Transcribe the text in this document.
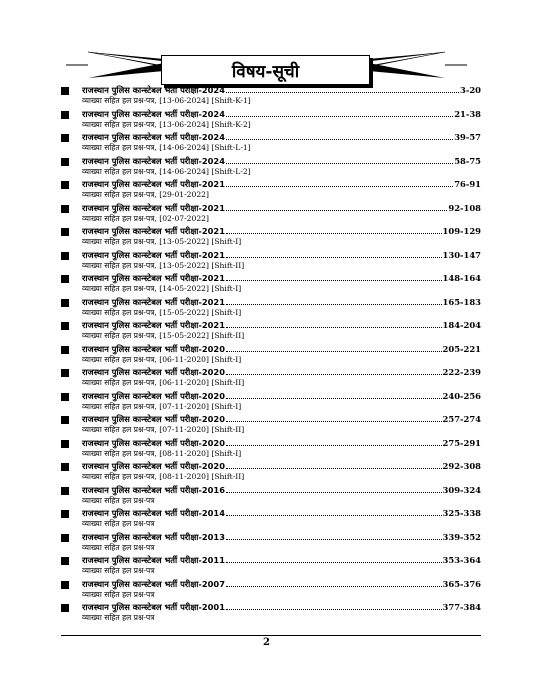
विषय-सूची
राजस्थान पुलिस कान्स्टेबल भर्ती परीक्षा-2024	3-20
व्याख्या सहित हल प्रश्न-पत्र, [13-06-2024] [Shift-K-1]
राजस्थान पुलिस कान्स्टेबल भर्ती परीक्षा-2024	21-38
व्याख्या सहित हल प्रश्न-पत्र, [13-06-2024] [Shift-K-2]
राजस्थान पुलिस कान्स्टेबल भर्ती परीक्षा-2024	39-57
व्याख्या सहित हल प्रश्न-पत्र, [14-06-2024] [Shift-L-1]
राजस्थान पुलिस कान्स्टेबल भर्ती परीक्षा-2024	58-75
व्याख्या सहित हल प्रश्न-पत्र, [14-06-2024] [Shift-L-2]
राजस्थान पुलिस कान्स्टेबल भर्ती परीक्षा-2021	76-91
व्याख्या सहित हल प्रश्न-पत्र, [29-01-2022]
राजस्थान पुलिस कान्स्टेबल भर्ती परीक्षा-2021	92-108
व्याख्या सहित हल प्रश्न-पत्र, [02-07-2022]
राजस्थान पुलिस कान्स्टेबल भर्ती परीक्षा-2021	109-129
व्याख्या सहित हल प्रश्न-पत्र, [13-05-2022] [Shift-I]
राजस्थान पुलिस कान्स्टेबल भर्ती परीक्षा-2021	130-147
व्याख्या सहित हल प्रश्न-पत्र, [13-05-2022] [Shift-II]
राजस्थान पुलिस कान्स्टेबल भर्ती परीक्षा-2021	148-164
व्याख्या सहित हल प्रश्न-पत्र, [14-05-2022] [Shift-I]
राजस्थान पुलिस कान्स्टेबल भर्ती परीक्षा-2021	165-183
व्याख्या सहित हल प्रश्न-पत्र, [15-05-2022] [Shift-I]
राजस्थान पुलिस कान्स्टेबल भर्ती परीक्षा-2021	184-204
व्याख्या सहित हल प्रश्न-पत्र, [15-05-2022] [Shift-II]
राजस्थान पुलिस कान्स्टेबल भर्ती परीक्षा-2020	205-221
व्याख्या सहित हल प्रश्न-पत्र, [06-11-2020] [Shift-I]
राजस्थान पुलिस कान्स्टेबल भर्ती परीक्षा-2020	222-239
व्याख्या सहित हल प्रश्न-पत्र, [06-11-2020] [Shift-II]
राजस्थान पुलिस कान्स्टेबल भर्ती परीक्षा-2020	240-256
व्याख्या सहित हल प्रश्न-पत्र, [07-11-2020] [Shift-I]
राजस्थान पुलिस कान्स्टेबल भर्ती परीक्षा-2020	257-274
व्याख्या सहित हल प्रश्न-पत्र, [07-11-2020] [Shift-II]
राजस्थान पुलिस कान्स्टेबल भर्ती परीक्षा-2020	275-291
व्याख्या सहित हल प्रश्न-पत्र, [08-11-2020] [Shift-I]
राजस्थान पुलिस कान्स्टेबल भर्ती परीक्षा-2020	292-308
व्याख्या सहित हल प्रश्न-पत्र, [08-11-2020] [Shift-II]
राजस्थान पुलिस कान्स्टेबल भर्ती परीक्षा-2016	309-324
व्याख्या सहित हल प्रश्न-पत्र
राजस्थान पुलिस कान्स्टेबल भर्ती परीक्षा-2014	325-338
व्याख्या सहित हल प्रश्न-पत्र
राजस्थान पुलिस कान्स्टेबल भर्ती परीक्षा-2013	339-352
व्याख्या सहित हल प्रश्न-पत्र
राजस्थान पुलिस कान्स्टेबल भर्ती परीक्षा-2011	353-364
व्याख्या सहित हल प्रश्न-पत्र
राजस्थान पुलिस कान्स्टेबल भर्ती परीक्षा-2007	365-376
व्याख्या सहित हल प्रश्न-पत्र
राजस्थान पुलिस कान्स्टेबल भर्ती परीक्षा-2001	377-384
व्याख्या सहित हल प्रश्न-पत्र
2
